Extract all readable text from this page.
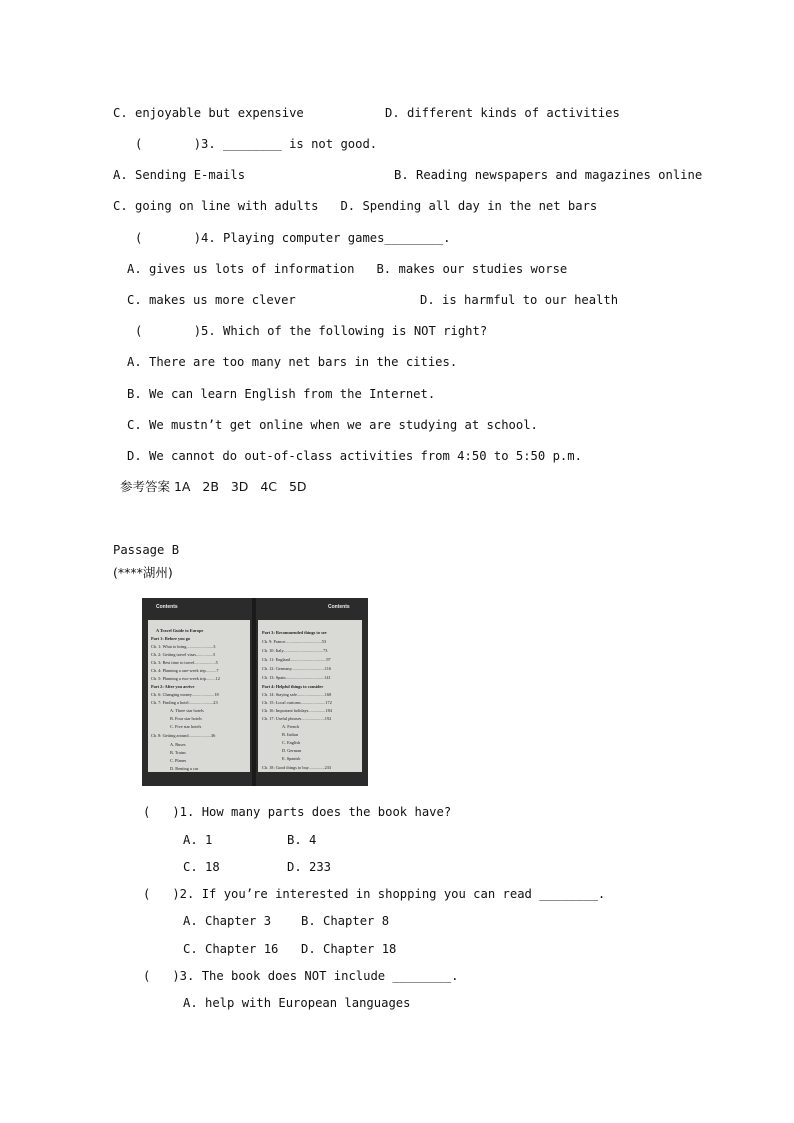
C. enjoyable but expensive	D. different kinds of activities
(       )3. ________ is not good.
A. Sending E-mails	B. Reading newspapers and magazines online
C. going on line with adults   D. Spending all day in the net bars
(       )4. Playing computer games________.
A. gives us lots of information   B. makes our studies worse
C. makes us more clever	D. is harmful to our health
(       )5. Which of the following is NOT right?
A. There are too many net bars in the cities.
B. We can learn English from the Internet.
C. We mustn’t get online when we are studying at school.
D. We cannot do out-of-class activities from 4:50 to 5:50 p.m.
参考答案 1A   2B   3D   4C   5D
Passage B
(****湖州)
Contents	Contents
A Travel Guide to Europe
Part 1: Before you go
Ch. 1: What to bring.........................3
Ch. 2: Getting travel visas................5
Ch. 3: Best time to travel....................5
Ch. 4: Planning a one-week trip..........7
Ch. 5: Planning a two-week trip.........12
Part 2: After you arrive
Ch. 6: Changing money.....................18
Ch. 7: Finding a hotel.......................23
A. Three star hotels
B. Four star hotels
C. Five star hotels
Ch. 8: Getting around.....................36
A. Buses
B. Trains
C. Planes
D. Renting a car
Part 3: Recommended things to see
Ch. 9: France..................................53
Ch. 10: Italy.....................................73
Ch. 11: England..................................97
Ch. 12: Germany...............................116
Ch. 13: Spain....................................141
Part 4: Helpful things to consider
Ch. 14: Staying safe..........................168
Ch. 15: Local customs.......................172
Ch. 16: Important holidays................184
Ch. 17: Useful phrases......................192
A. French
B. Italian
C. English
D. German
E. Spanish
Ch. 18: Good things to buy...............233
(   )1. How many parts does the book have?
A. 1	B. 4
C. 18	D. 233
(   )2. If you’re interested in shopping you can read ________.
A. Chapter 3 B. Chapter 8
C. Chapter 16 D. Chapter 18
(   )3. The book does NOT include ________.
A. help with European languages
